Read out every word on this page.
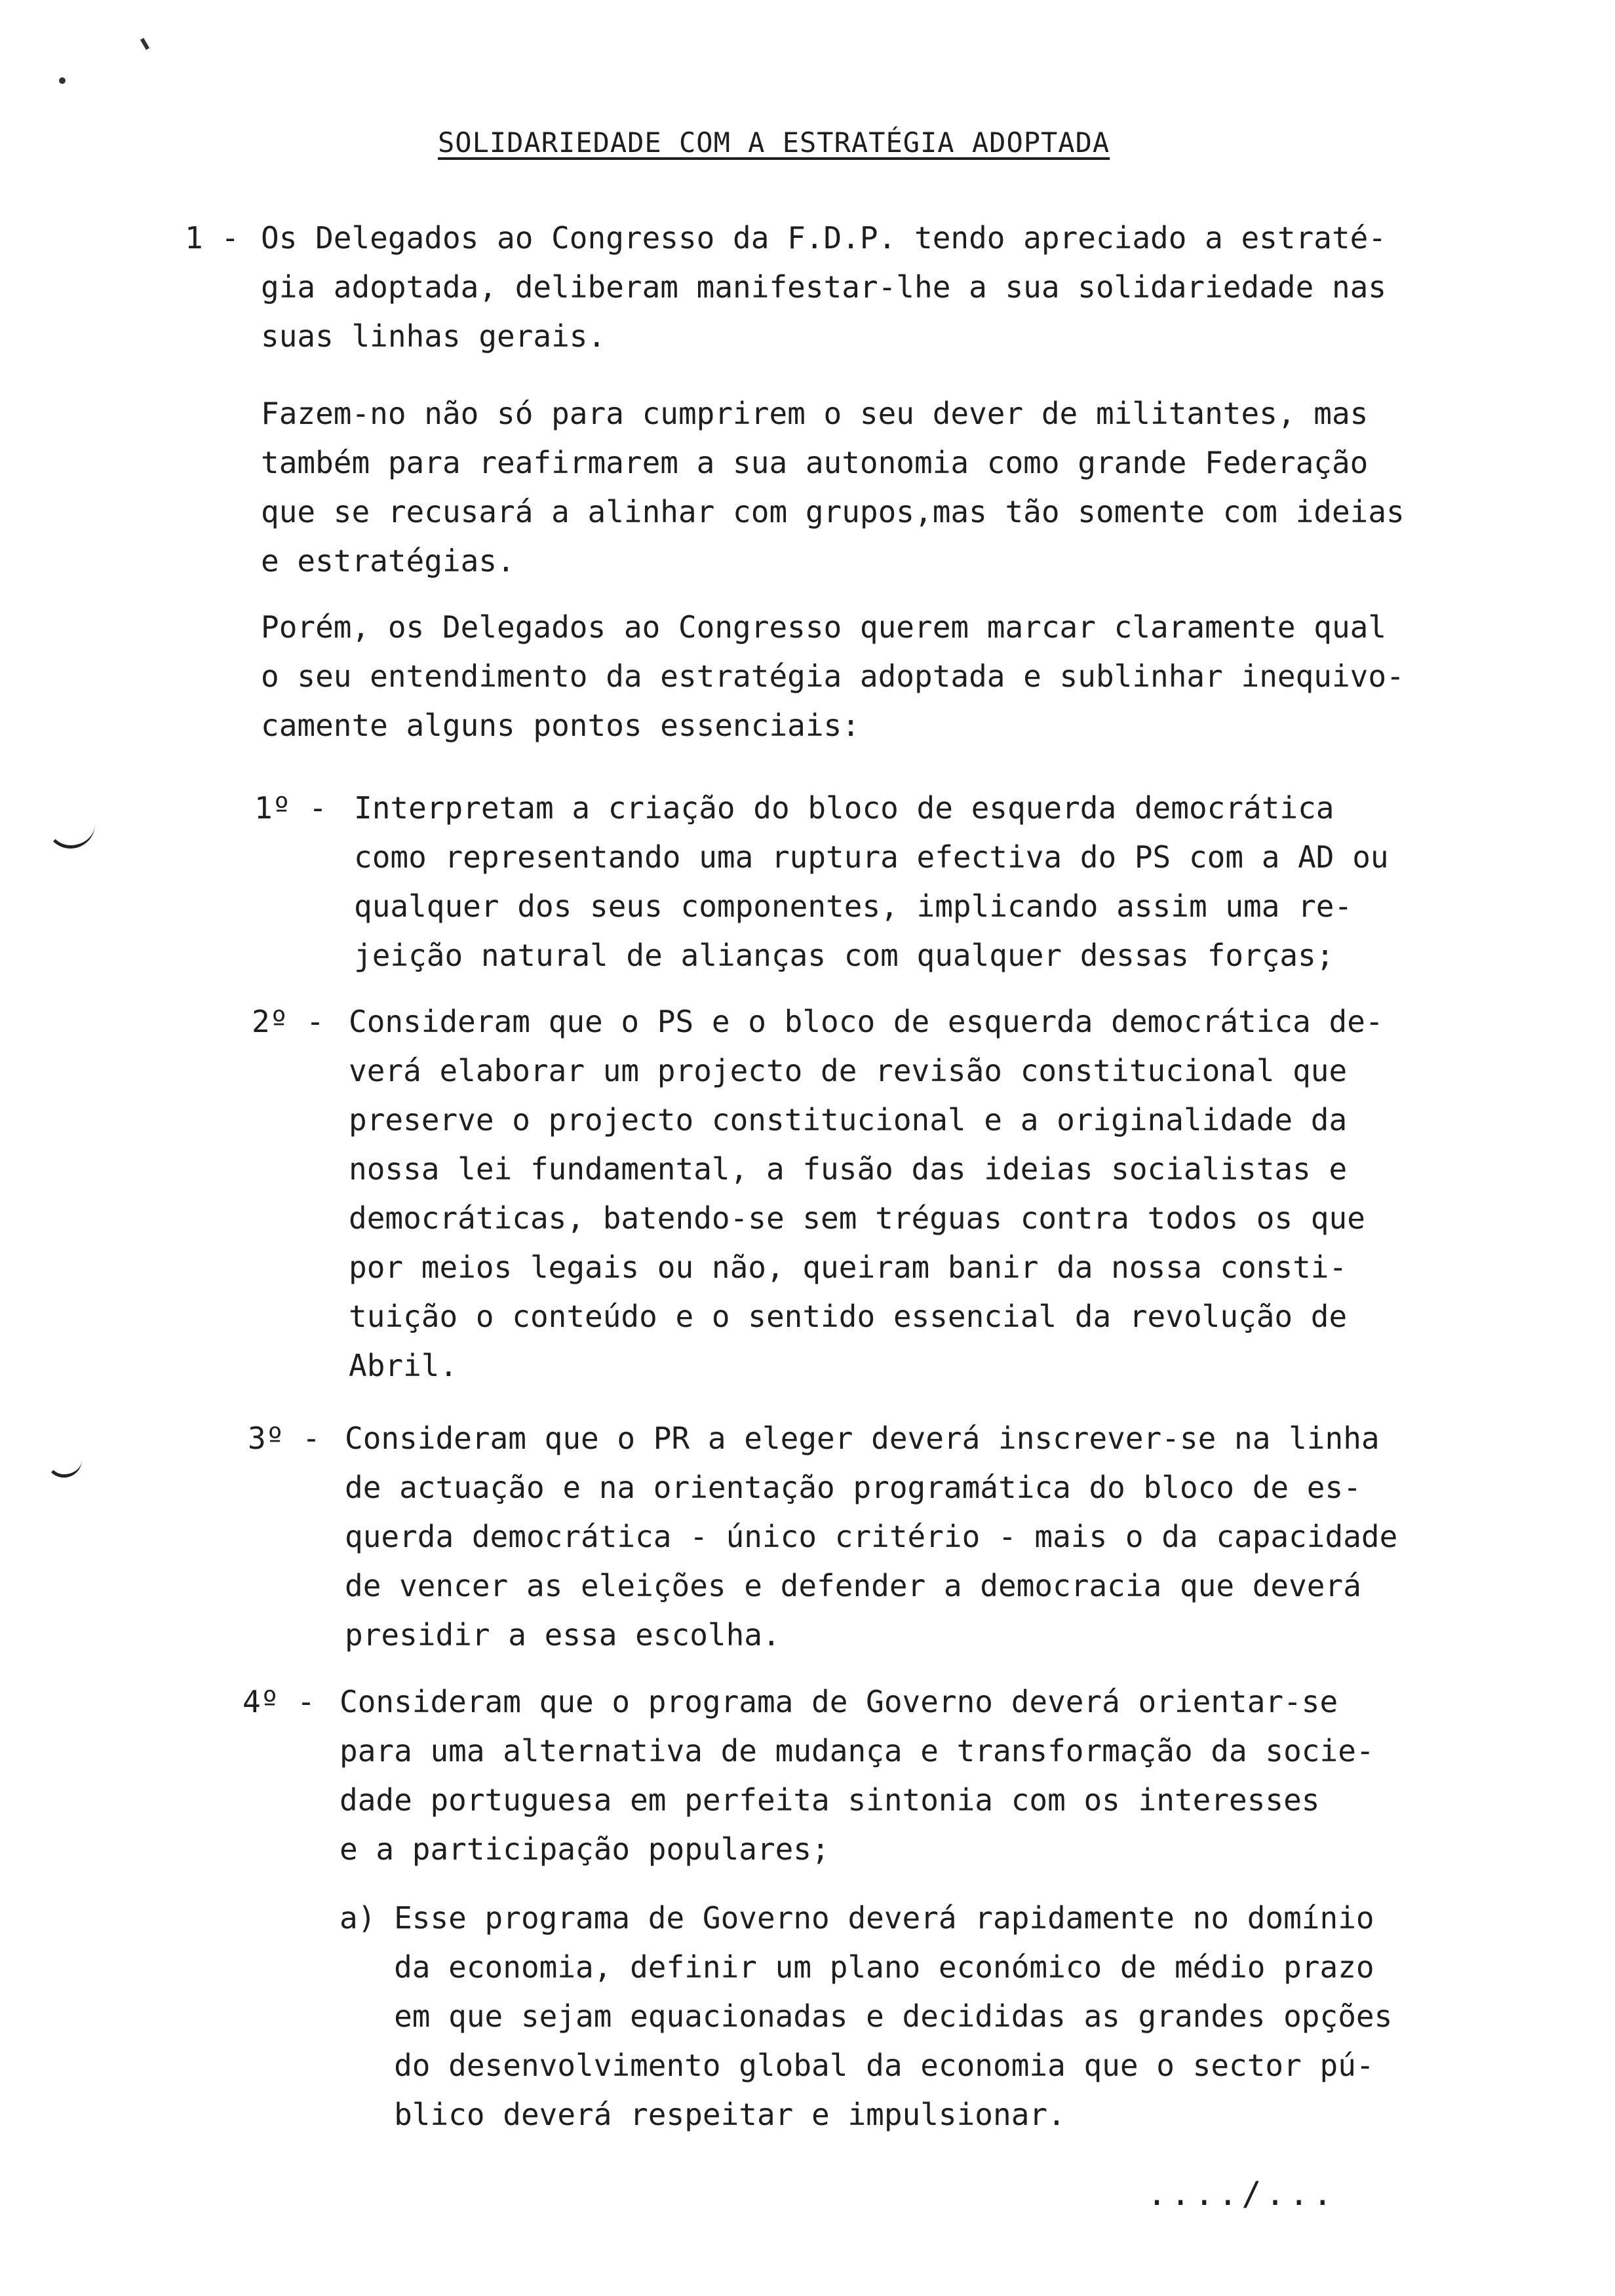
SOLIDARIEDADE COM A ESTRATÉGIA ADOPTADA
1 - Os Delegados ao Congresso da F.D.P. tendo apreciado a estraté-
gia adoptada, deliberam manifestar-lhe a sua solidariedade nas
suas linhas gerais.
Fazem-no não só para cumprirem o seu dever de militantes, mas
também para reafirmarem a sua autonomia como grande Federação
que se recusará a alinhar com grupos,mas tão somente com ideias
e estratégias.
Porém, os Delegados ao Congresso querem marcar claramente qual
o seu entendimento da estratégia adoptada e sublinhar inequivo-
camente alguns pontos essenciais:
1º - Interpretam a criação do bloco de esquerda democrática
como representando uma ruptura efectiva do PS com a AD ou
qualquer dos seus componentes, implicando assim uma re-
jeição natural de alianças com qualquer dessas forças;
2º - Consideram que o PS e o bloco de esquerda democrática de-
verá elaborar um projecto de revisão constitucional que
preserve o projecto constitucional e a originalidade da
nossa lei fundamental, a fusão das ideias socialistas e
democráticas, batendo-se sem tréguas contra todos os que
por meios legais ou não, queiram banir da nossa consti-
tuição o conteúdo e o sentido essencial da revolução de
Abril.
3º - Consideram que o PR a eleger deverá inscrever-se na linha
de actuação e na orientação programática do bloco de es-
querda democrática - único critério - mais o da capacidade
de vencer as eleições e defender a democracia que deverá
presidir a essa escolha.
4º - Consideram que o programa de Governo deverá orientar-se
para uma alternativa de mudança e transformação da socie-
dade portuguesa em perfeita sintonia com os interesses
e a participação populares;
a) Esse programa de Governo deverá rapidamente no domínio
da economia, definir um plano económico de médio prazo
em que sejam equacionadas e decididas as grandes opções
do desenvolvimento global da economia que o sector pú-
blico deverá respeitar e impulsionar.
..../...
